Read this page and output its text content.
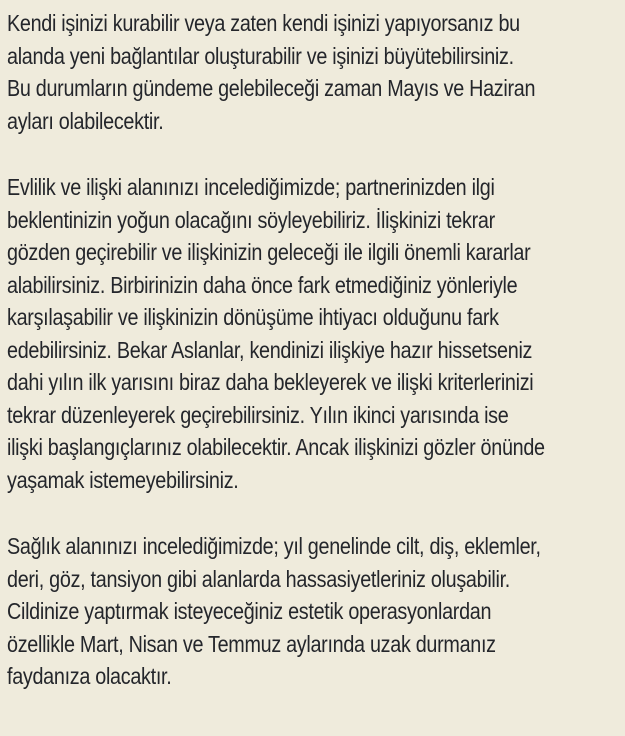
Kendi işinizi kurabilir veya zaten kendi işinizi yapıyorsanız bu
alanda yeni bağlantılar oluşturabilir ve işinizi büyütebilirsiniz.
Bu durumların gündeme gelebileceği zaman Mayıs ve Haziran
ayları olabilecektir.
Evlilik ve ilişki alanınızı incelediğimizde; partnerinizden ilgi
beklentinizin yoğun olacağını söyleyebiliriz. İlişkinizi tekrar
gözden geçirebilir ve ilişkinizin geleceği ile ilgili önemli kararlar
alabilirsiniz. Birbirinizin daha önce fark etmediğiniz yönleriyle
karşılaşabilir ve ilişkinizin dönüşüme ihtiyacı olduğunu fark
edebilirsiniz. Bekar Aslanlar, kendinizi ilişkiye hazır hissetseniz
dahi yılın ilk yarısını biraz daha bekleyerek ve ilişki kriterlerinizi
tekrar düzenleyerek geçirebilirsiniz. Yılın ikinci yarısında ise
ilişki başlangıçlarınız olabilecektir. Ancak ilişkinizi gözler önünde
yaşamak istemeyebilirsiniz.
Sağlık alanınızı incelediğimizde; yıl genelinde cilt, diş, eklemler,
deri, göz, tansiyon gibi alanlarda hassasiyetleriniz oluşabilir.
Cildinize yaptırmak isteyeceğiniz estetik operasyonlardan
özellikle Mart, Nisan ve Temmuz aylarında uzak durmanız
faydanıza olacaktır.
